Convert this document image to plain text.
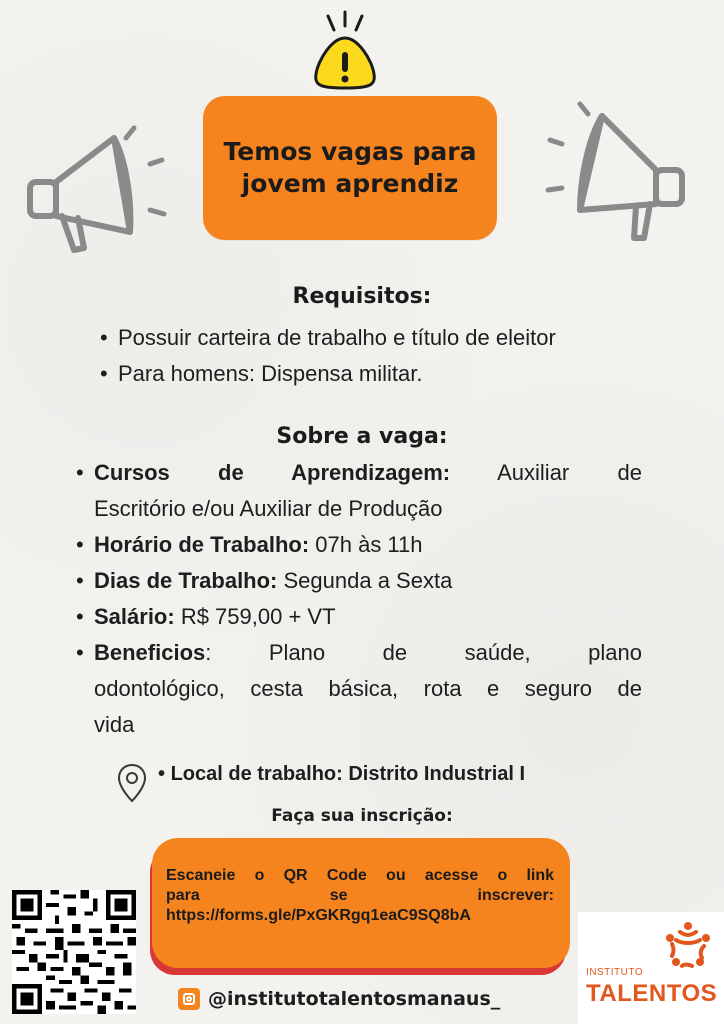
Temos vagas para
jovem aprendiz
Requisitos:
• Possuir carteira de trabalho e título de eleitor
• Para homens: Dispensa militar.
Sobre a vaga:
• Cursos de Aprendizagem: Auxiliar de
Escritório e/ou Auxiliar de Produção
• Horário de Trabalho: 07h às 11h
• Dias de Trabalho: Segunda a Sexta
• Salário: R$ 759,00 + VT
• Beneficios: Plano de saúde, plano
odontológico, cesta básica, rota e seguro de
vida
• Local de trabalho: Distrito Industrial I
Faça sua inscrição:
Escaneie o QR Code ou acesse o link
para se inscrever:
https://forms.gle/PxGKRgq1eaC9SQ8bA
@institutotalentosmanaus_
INSTITUTO
TALENTOS
